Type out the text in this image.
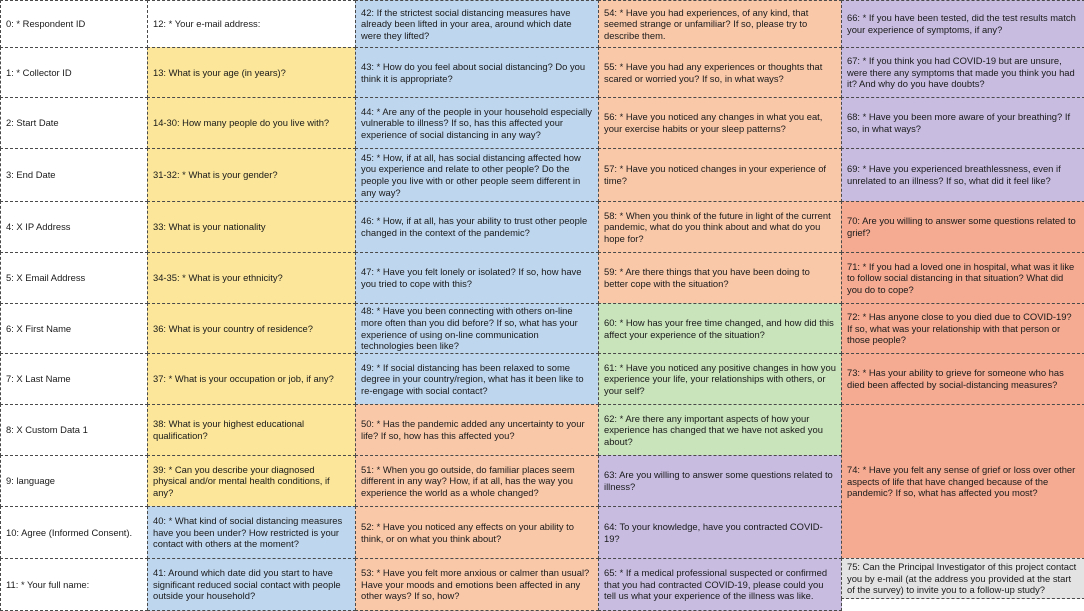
0: * Respondent ID
1: * Collector ID
2: Start Date
3: End Date
4: X IP Address
5: X Email Address
6: X First Name
7: X Last Name
8: X Custom Data 1
9: language
10: Agree (Informed Consent).
11: * Your full name:
12: * Your e-mail address:
13: What is your age (in years)?
14-30: How many people do you live with?
31-32: * What is your gender?
33: What is your nationality
34-35: * What is your ethnicity?
36: What is your country of residence?
37: * What is your occupation or job, if any?
38: What is your highest educational qualification?
39: * Can you describe your diagnosed physical and/or mental health conditions, if any?
40: * What kind of social distancing measures have you been under? How restricted is your contact with others at the moment?
41: Around which date did you start to have significant reduced social contact with people outside your household?
42: If the strictest social distancing measures have already been lifted in your area, around which date were they lifted?
43: * How do you feel about social distancing? Do you think it is appropriate?
44: * Are any of the people in your household especially vulnerable to illness? If so, has this affected your experience of social distancing in any way?
45: * How, if at all, has social distancing affected how you experience and relate to other people? Do the people you live with or other people seem different in any way?
46: * How, if at all, has your ability to trust other people changed in the context of the pandemic?
47: * Have you felt lonely or isolated? If so, how have you tried to cope with this?
48: * Have you been connecting with others on-line more often than you did before? If so, what has your experience of using on-line communication technologies been like?
49: * If social distancing has been relaxed to some degree in your country/region, what has it been like to re-engage with social contact?
50: * Has the pandemic added any uncertainty to your life? If so, how has this affected you?
51: * When you go outside, do familiar places seem different in any way? How, if at all, has the way you experience the world as a whole changed?
52: * Have you noticed any effects on your ability to think, or on what you think about?
53: * Have you felt more anxious or calmer than usual? Have your moods and emotions been affected in any other ways? If so, how?
54: * Have you had experiences, of any kind, that seemed strange or unfamiliar? If so, please try to describe them.
55: * Have you had any experiences or thoughts that scared or worried you? If so, in what ways?
56: * Have you noticed any changes in what you eat, your exercise habits or your sleep patterns?
57: * Have you noticed changes in your experience of time?
58: * When you think of the future in light of the current pandemic, what do you think about and what do you hope for?
59: * Are there things that you have been doing to better cope with the situation?
60: * How has your free time changed, and how did this affect your experience of the situation?
61: * Have you noticed any positive changes in how you experience your life, your relationships with others, or your self?
62: * Are there any important aspects of how your experience has changed that we have not asked you about?
63: Are you willing to answer some questions related to illness?
64: To your knowledge, have you contracted COVID-19?
65: * If a medical professional suspected or confirmed that you had contracted COVID-19, please could you tell us what your experience of the illness was like.
66: * If you have been tested, did the test results match your experience of symptoms, if any?
67: * If you think you had COVID-19 but are unsure, were there any symptoms that made you think you had it? And why do you have doubts?
68: * Have you been more aware of your breathing? If so, in what ways?
69: * Have you experienced breathlessness, even if unrelated to an illness? If so, what did it feel like?
70: Are you willing to answer some questions related to grief?
71: * If you had a loved one in hospital, what was it like to follow social distancing in that situation? What did you do to cope?
72: * Has anyone close to you died due to COVID-19? If so, what was your relationship with that person or those people?
73: * Has your ability to grieve for someone who has died been affected by social-distancing measures?
74: * Have you felt any sense of grief or loss over other aspects of life that have changed because of the pandemic? If so, what has affected you most?
75: Can the Principal Investigator of this project contact you by e-mail (at the address you provided at the start of the survey) to invite you to a follow-up study?
